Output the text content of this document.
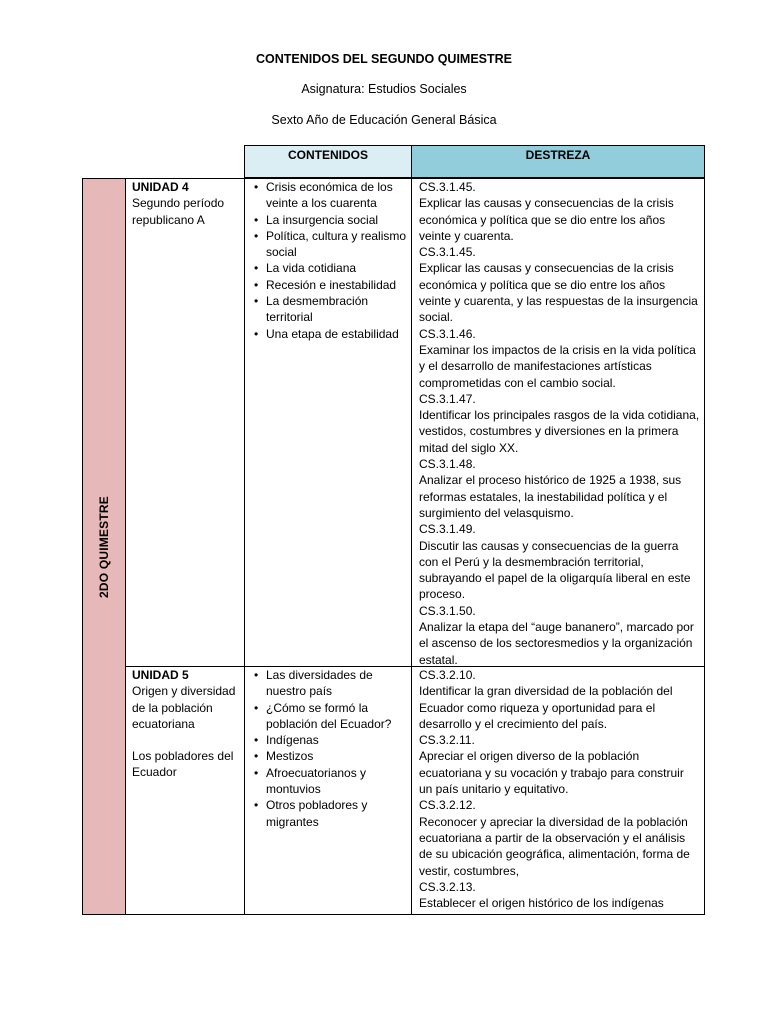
CONTENIDOS DEL SEGUNDO QUIMESTRE
Asignatura: Estudios Sociales
Sexto Año de Educación General Básica
CONTENIDOS	DESTREZA
2DO QUIMESTRE
UNIDAD 4
Segundo período republicano A
• Crisis económica de los veinte a los cuarenta
• La insurgencia social
• Política, cultura y realismo social
• La vida cotidiana
• Recesión e inestabilidad
• La desmembración territorial
• Una etapa de estabilidad
CS.3.1.45.
Explicar las causas y consecuencias de la crisis económica y política que se dio entre los años veinte y cuarenta.
CS.3.1.45.
Explicar las causas y consecuencias de la crisis económica y política que se dio entre los años veinte y cuarenta, y las respuestas de la insurgencia social.
CS.3.1.46.
Examinar los impactos de la crisis en la vida política y el desarrollo de manifestaciones artísticas comprometidas con el cambio social.
CS.3.1.47.
Identificar los principales rasgos de la vida cotidiana, vestidos, costumbres y diversiones en la primera mitad del siglo XX.
CS.3.1.48.
Analizar el proceso histórico de 1925 a 1938, sus reformas estatales, la inestabilidad política y el surgimiento del velasquismo.
CS.3.1.49.
Discutir las causas y consecuencias de la guerra con el Perú y la desmembración territorial, subrayando el papel de la oligarquía liberal en este proceso.
CS.3.1.50.
Analizar la etapa del “auge bananero”, marcado por el ascenso de los sectoresmedios y la organización estatal.
UNIDAD 5
Origen y diversidad de la población ecuatoriana
Los pobladores del Ecuador
• Las diversidades de nuestro país
• ¿Cómo se formó la población del Ecuador?
• Indígenas
• Mestizos
• Afroecuatorianos y montuvios
• Otros pobladores y migrantes
CS.3.2.10.
Identificar la gran diversidad de la población del Ecuador como riqueza y oportunidad para el desarrollo y el crecimiento del país.
CS.3.2.11.
Apreciar el origen diverso de la población ecuatoriana y su vocación y trabajo para construir un país unitario y equitativo.
CS.3.2.12.
Reconocer y apreciar la diversidad de la población ecuatoriana a partir de la observación y el análisis de su ubicación geográfica, alimentación, forma de vestir, costumbres,
CS.3.2.13.
Establecer el origen histórico de los indígenas
